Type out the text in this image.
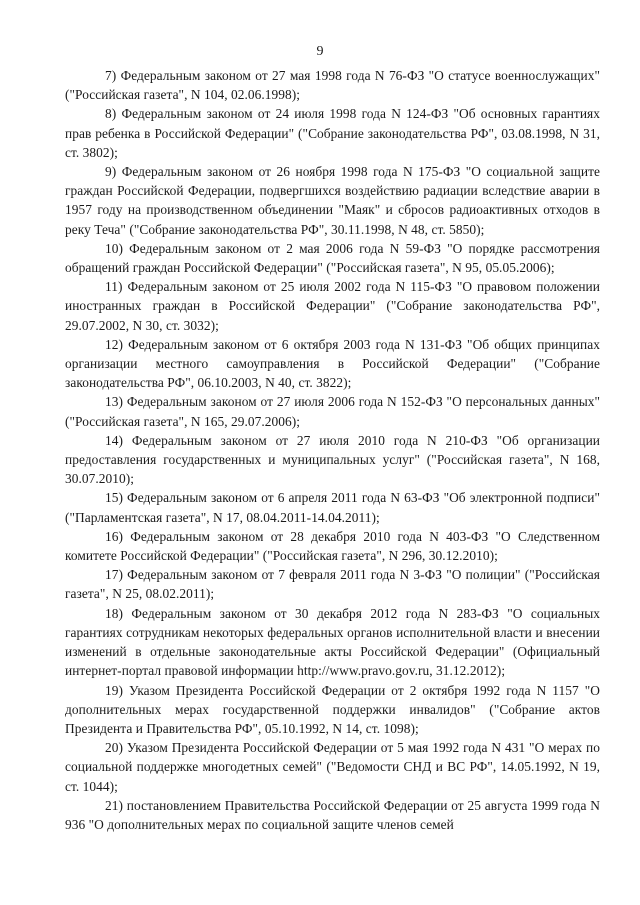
9

7) Федеральным законом от 27 мая 1998 года N 76-ФЗ "О статусе военнослужащих" ("Российская газета", N 104, 02.06.1998);

8) Федеральным законом от 24 июля 1998 года N 124-ФЗ "Об основных гарантиях прав ребенка в Российской Федерации" ("Собрание законодательства РФ", 03.08.1998, N 31, ст. 3802);

9) Федеральным законом от 26 ноября 1998 года N 175-ФЗ "О социальной защите граждан Российской Федерации, подвергшихся воздействию радиации вследствие аварии в 1957 году на производственном объединении "Маяк" и сбросов радиоактивных отходов в реку Теча" ("Собрание законодательства РФ", 30.11.1998, N 48, ст. 5850);

10) Федеральным законом от 2 мая 2006 года N 59-ФЗ "О порядке рассмотрения обращений граждан Российской Федерации" ("Российская газета", N 95, 05.05.2006);

11) Федеральным законом от 25 июля 2002 года N 115-ФЗ "О правовом положении иностранных граждан в Российской Федерации" ("Собрание законодательства РФ", 29.07.2002, N 30, ст. 3032);

12) Федеральным законом от 6 октября 2003 года N 131-ФЗ "Об общих принципах организации местного самоуправления в Российской Федерации" ("Собрание законодательства РФ", 06.10.2003, N 40, ст. 3822);

13) Федеральным законом от 27 июля 2006 года N 152-ФЗ "О персональных данных" ("Российская газета", N 165, 29.07.2006);

14) Федеральным законом от 27 июля 2010 года N 210-ФЗ "Об организации предоставления государственных и муниципальных услуг" ("Российская газета", N 168, 30.07.2010);

15) Федеральным законом от 6 апреля 2011 года N 63-ФЗ "Об электронной подписи" ("Парламентская газета", N 17, 08.04.2011-14.04.2011);

16) Федеральным законом от 28 декабря 2010 года N 403-ФЗ "О Следственном комитете Российской Федерации" ("Российская газета", N 296, 30.12.2010);

17) Федеральным законом от 7 февраля 2011 года N 3-ФЗ "О полиции" ("Российская газета", N 25, 08.02.2011);

18) Федеральным законом от 30 декабря 2012 года N 283-ФЗ "О социальных гарантиях сотрудникам некоторых федеральных органов исполнительной власти и внесении изменений в отдельные законодательные акты Российской Федерации" (Официальный интернет-портал правовой информации http://www.pravo.gov.ru, 31.12.2012);

19) Указом Президента Российской Федерации от 2 октября 1992 года N 1157 "О дополнительных мерах государственной поддержки инвалидов" ("Собрание актов Президента и Правительства РФ", 05.10.1992, N 14, ст. 1098);

20) Указом Президента Российской Федерации от 5 мая 1992 года N 431 "О мерах по социальной поддержке многодетных семей" ("Ведомости СНД и ВС РФ", 14.05.1992, N 19, ст. 1044);

21) постановлением Правительства Российской Федерации от 25 августа 1999 года N 936 "О дополнительных мерах по социальной защите членов семей
